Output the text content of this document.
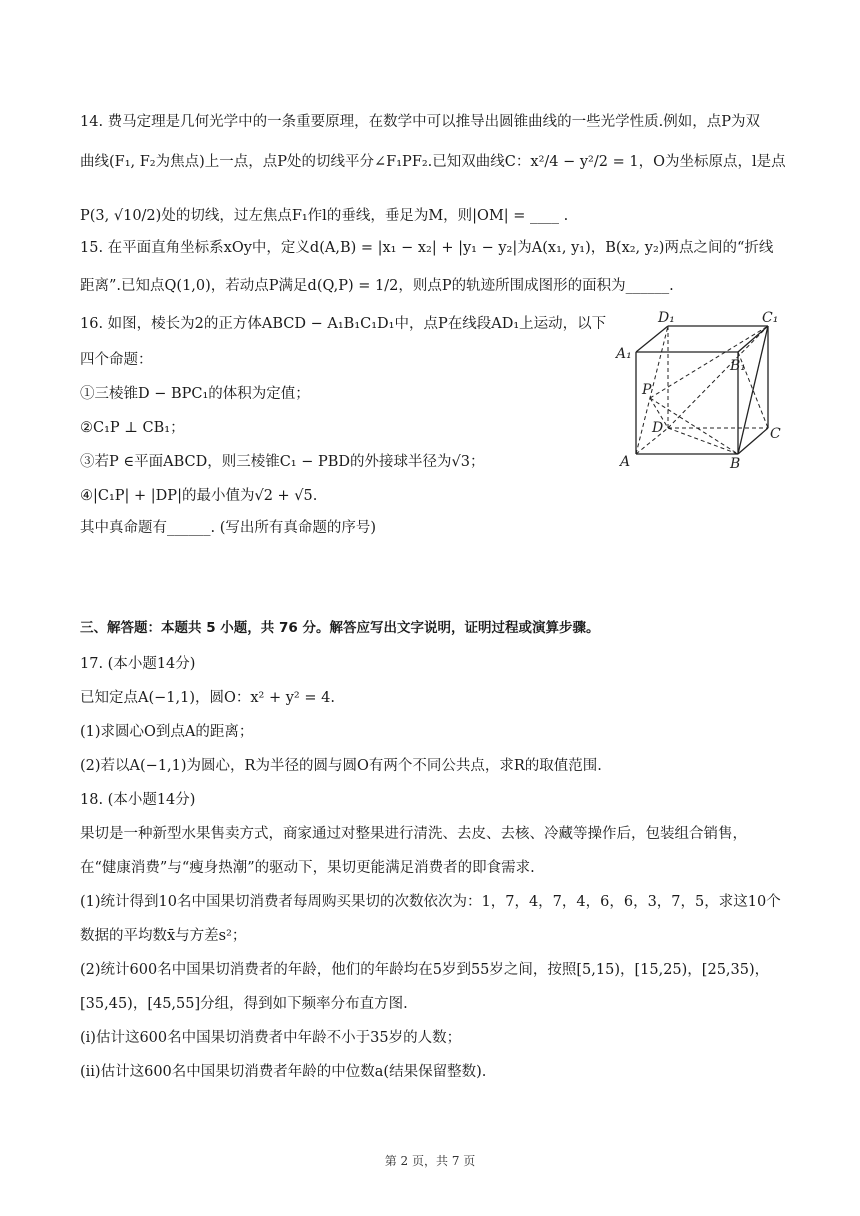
14. 费马定理是几何光学中的一条重要原理，在数学中可以推导出圆锥曲线的一些光学性质.例如，点P为双
曲线(F₁, F₂为焦点)上一点，点P处的切线平分∠F₁PF₂.已知双曲线C：x²/4 − y²/2 = 1，O为坐标原点，l是点
P(3, √10/2)处的切线，过左焦点F₁作l的垂线，垂足为M，则|OM| = ____ .
15. 在平面直角坐标系xOy中，定义d(A,B) = |x₁ − x₂| + |y₁ − y₂|为A(x₁, y₁)，B(x₂, y₂)两点之间的“折线
距离”.已知点Q(1,0)，若动点P满足d(Q,P) = 1/2，则点P的轨迹所围成图形的面积为______.
16. 如图，棱长为2的正方体ABCD − A₁B₁C₁D₁中，点P在线段AD₁上运动，以下
四个命题：
①三棱锥D − BPC₁的体积为定值；
②C₁P ⊥ CB₁；
③若P ∈平面ABCD，则三棱锥C₁ − PBD的外接球半径为√3；
④|C₁P| + |DP|的最小值为√2 + √5.
其中真命题有______. (写出所有真命题的序号)
D₁	C₁
A₁
B₁
P
D	C
A	B
三、解答题：本题共 5 小题，共 76 分。解答应写出文字说明，证明过程或演算步骤。
17. (本小题14分)
已知定点A(−1,1)，圆O：x² + y² = 4.
(1)求圆心O到点A的距离；
(2)若以A(−1,1)为圆心，R为半径的圆与圆O有两个不同公共点，求R的取值范围.
18. (本小题14分)
果切是一种新型水果售卖方式，商家通过对整果进行清洗、去皮、去核、冷藏等操作后，包装组合销售，
在“健康消费”与“瘦身热潮”的驱动下，果切更能满足消费者的即食需求.
(1)统计得到10名中国果切消费者每周购买果切的次数依次为：1，7，4，7，4，6，6，3，7，5，求这10个
数据的平均数x̄与方差s²；
(2)统计600名中国果切消费者的年龄，他们的年龄均在5岁到55岁之间，按照[5,15)，[15,25)，[25,35)，
[35,45)，[45,55]分组，得到如下频率分布直方图.
(i)估计这600名中国果切消费者中年龄不小于35岁的人数；
(ii)估计这600名中国果切消费者年龄的中位数a(结果保留整数).
第 2 页，共 7 页
